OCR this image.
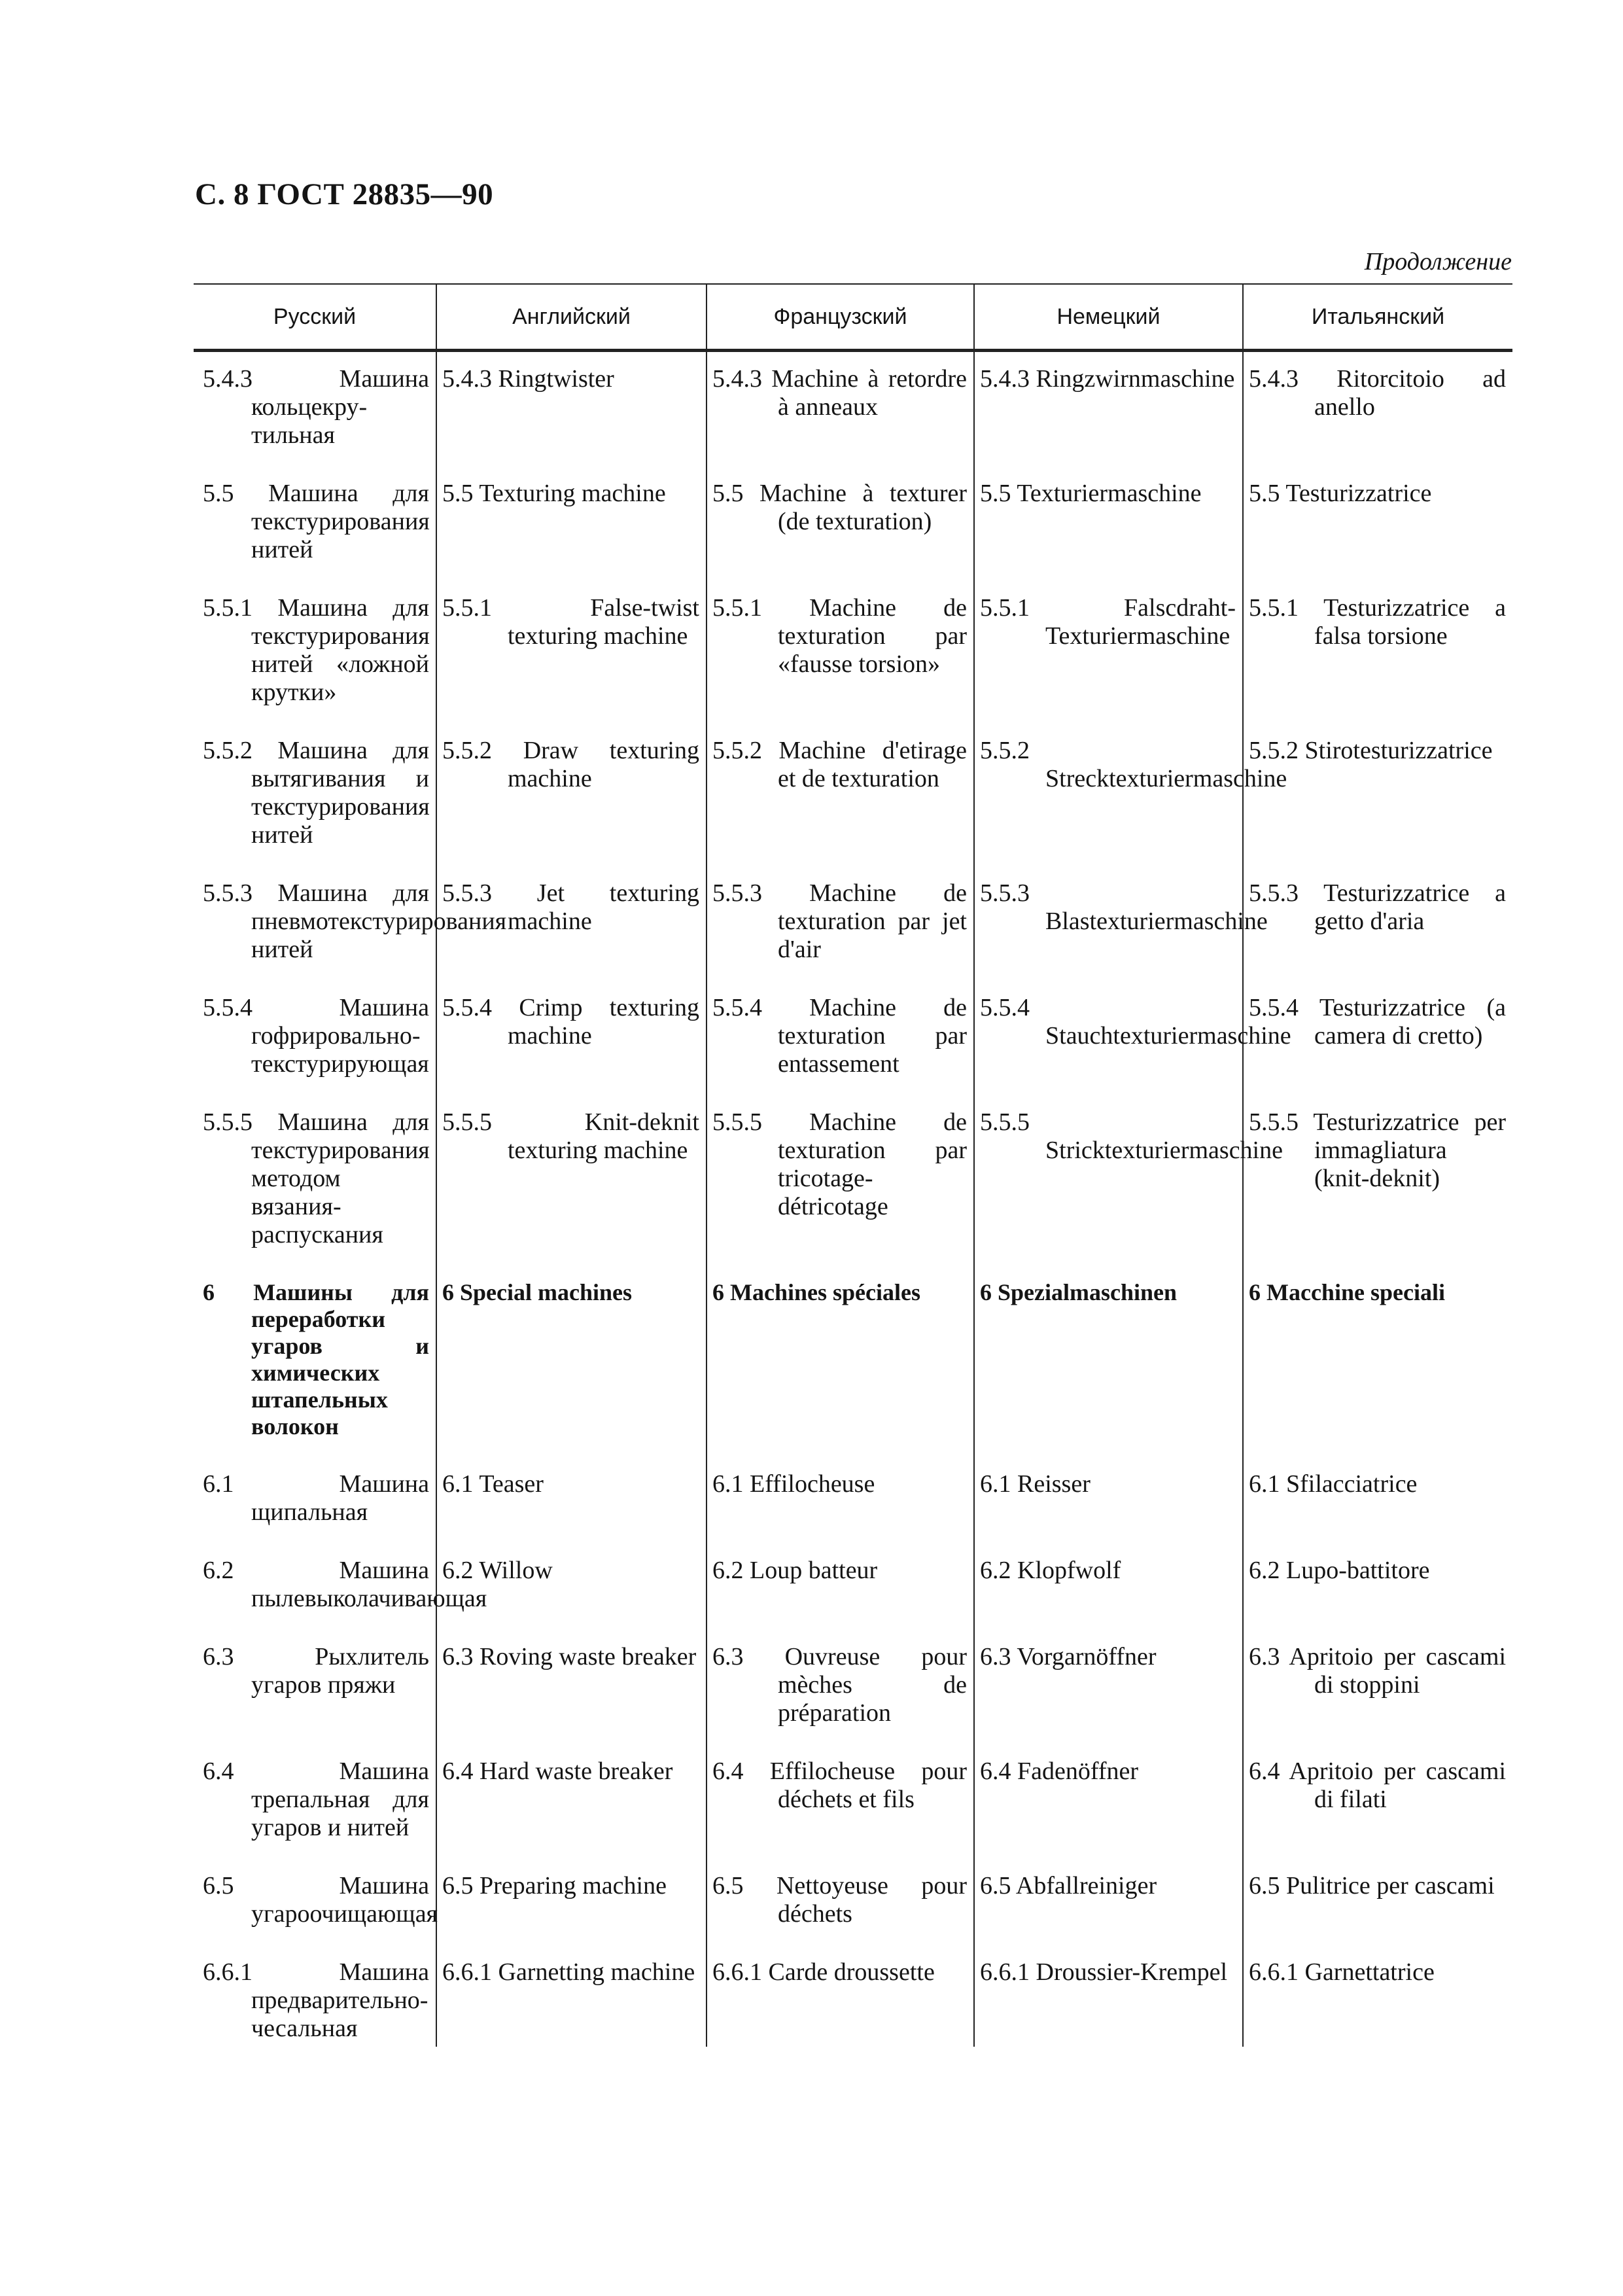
С. 8 ГОСТ 28835—90
Продолжение
Русский	Английский	Французский	Немецкий	Итальянский

5.4.3 Машина кольцекру-тильная	5.4.3 Ringtwister	5.4.3 Machine à retordre à anneaux	5.4.3 Ringzwirnmaschine	5.4.3 Ritorcitoio ad anello

5.5 Машина для текстурирования нитей	5.5 Texturing machine	5.5 Machine à texturer (de texturation)	5.5 Texturiermaschine	5.5 Testurizzatrice

5.5.1 Машина для текстурирования нитей «ложной крутки»	5.5.1 False-twist texturing machine	5.5.1 Machine de texturation par «fausse torsion»	5.5.1 Falscdraht-Texturiermaschine	5.5.1 Testurizzatrice a falsa torsione

5.5.2 Машина для вытягивания и текстурирования нитей	5.5.2 Draw texturing machine	5.5.2 Machine d'etirage et de texturation	5.5.2 Strecktexturiermaschine	5.5.2 Stirotesturizzatrice

5.5.3 Машина для пневмотекстурирования нитей	5.5.3 Jet texturing machine	5.5.3 Machine de texturation par jet d'air	5.5.3 Blastexturiermaschine	5.5.3 Testurizzatrice a getto d'aria

5.5.4 Машина гофрировально-текстурирующая	5.5.4 Crimp texturing machine	5.5.4 Machine de texturation par entassement	5.5.4 Stauchtexturiermaschine	5.5.4 Testurizzatrice (a camera di cretto)

5.5.5 Машина для текстурирования методом вязания-распускания	5.5.5 Knit-deknit texturing machine	5.5.5 Machine de texturation par tricotage-détricotage	5.5.5 Stricktexturiermaschine	5.5.5 Testurizzatrice per immagliatura (knit-deknit)

6 Машины для переработки угаров и химических штапельных волокон	6 Special machines	6 Machines spéciales	6 Spezialmaschinen	6 Macchine speciali

6.1 Машина щипальная	6.1 Teaser	6.1 Effilocheuse	6.1 Reisser	6.1 Sfilacciatrice

6.2 Машина пылевыколачивающая	6.2 Willow	6.2 Loup batteur	6.2 Klopfwolf	6.2 Lupo-battitore

6.3 Рыхлитель угаров пряжи	6.3 Roving waste breaker	6.3 Ouvreuse pour mèches de préparation	6.3 Vorgarnöffner	6.3 Apritoio per cascami di stoppini

6.4 Машина трепальная для угаров и нитей	6.4 Hard waste breaker	6.4 Effilocheuse pour déchets et fils	6.4 Fadenöffner	6.4 Apritoio per cascami di filati

6.5 Машина угароочищающая	6.5 Preparing machine	6.5 Nettoyeuse pour déchets	6.5 Abfallreiniger	6.5 Pulitrice per cascami

6.6.1 Машина предварительно-чесальная	6.6.1 Garnetting machine	6.6.1 Carde droussette	6.6.1 Droussier-Krempel	6.6.1 Garnettatrice
